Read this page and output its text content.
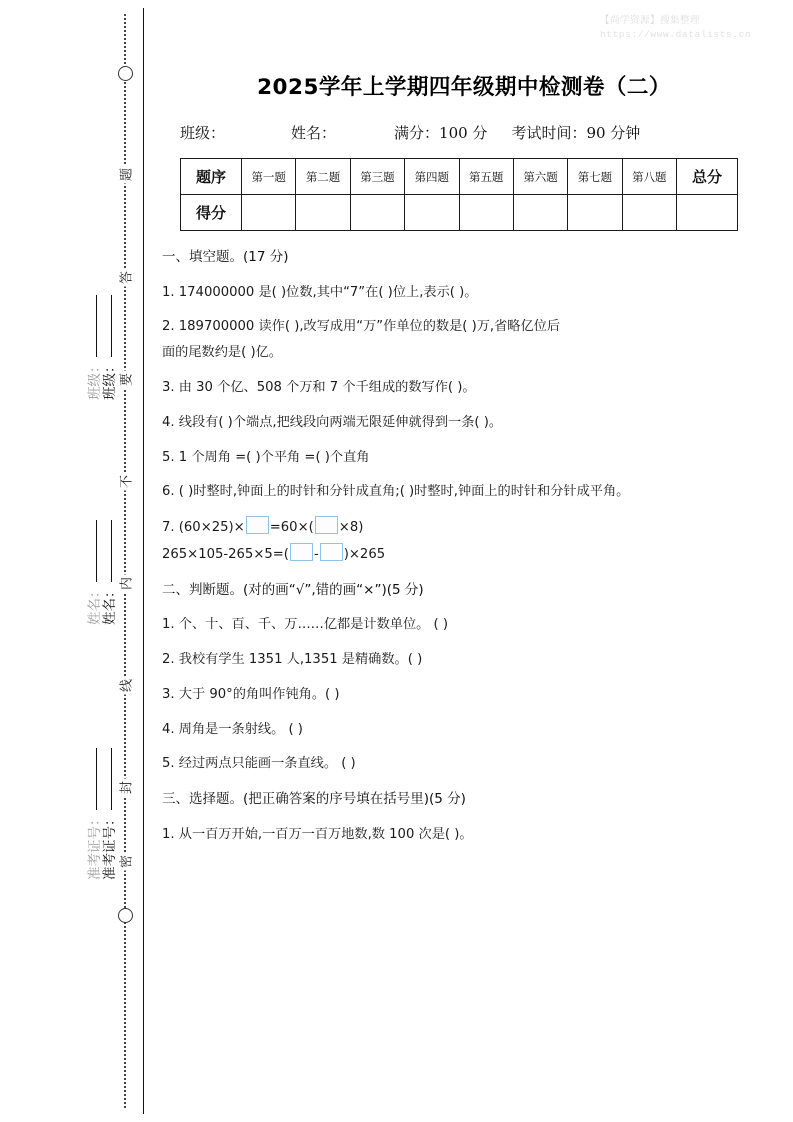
【尚学资源】搜集整理
https://www.datalists.cn
题
答
要
不
内
线
封
密
班级： 班级：
姓名： 姓名：
准考证号： 准考证号：
2025学年上学期四年级期中检测卷（二）
班级：	姓名：	满分：100 分 考试时间：90 分钟
题序	第一题	第二题	第三题	第四题	第五题	第六题	第七题	第八题	总分
得分									
一、填空题。(17 分)
1. 174000000 是( )位数,其中“7”在( )位上,表示( )。
2. 189700000 读作( ),改写成用“万”作单位的数是( )万,省略亿位后
面的尾数约是( )亿。
3. 由 30 个亿、508 个万和 7 个千组成的数写作( )。
4. 线段有( )个端点,把线段向两端无限延伸就得到一条( )。
5. 1 个周角 =( )个平角 =( )个直角
6. ( )时整时,钟面上的时针和分针成直角;( )时整时,钟面上的时针和分针成平角。
7. (60×25)× =60×( ×8)
265×105-265×5=( - )×265
二、判断题。(对的画“√”,错的画“×”)(5 分)
1. 个、十、百、千、万……亿都是计数单位。 ( )
2. 我校有学生 1351 人,1351 是精确数。( )
3. 大于 90°的角叫作钝角。( )
4. 周角是一条射线。 ( )
5. 经过两点只能画一条直线。 ( )
三、选择题。(把正确答案的序号填在括号里)(5 分)
1. 从一百万开始,一百万一百万地数,数 100 次是( )。
